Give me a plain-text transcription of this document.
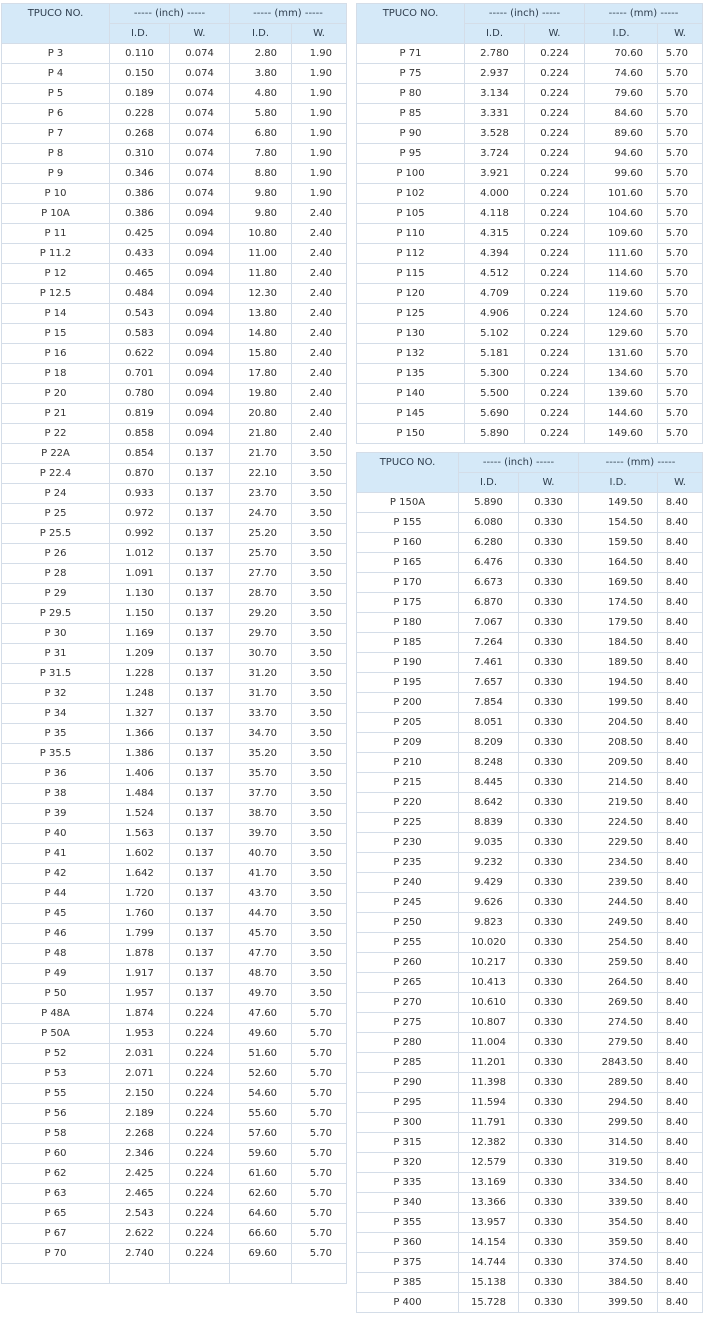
TPUCO NO.	----- (inch) -----		----- (mm) -----	
	I.D.	W.	I.D.	W.
P 3	0.110	0.074	2.80	1.90
P 4	0.150	0.074	3.80	1.90
P 5	0.189	0.074	4.80	1.90
P 6	0.228	0.074	5.80	1.90
P 7	0.268	0.074	6.80	1.90
P 8	0.310	0.074	7.80	1.90
P 9	0.346	0.074	8.80	1.90
P 10	0.386	0.074	9.80	1.90
P 10A	0.386	0.094	9.80	2.40
P 11	0.425	0.094	10.80	2.40
P 11.2	0.433	0.094	11.00	2.40
P 12	0.465	0.094	11.80	2.40
P 12.5	0.484	0.094	12.30	2.40
P 14	0.543	0.094	13.80	2.40
P 15	0.583	0.094	14.80	2.40
P 16	0.622	0.094	15.80	2.40
P 18	0.701	0.094	17.80	2.40
P 20	0.780	0.094	19.80	2.40
P 21	0.819	0.094	20.80	2.40
P 22	0.858	0.094	21.80	2.40
P 22A	0.854	0.137	21.70	3.50
P 22.4	0.870	0.137	22.10	3.50
P 24	0.933	0.137	23.70	3.50
P 25	0.972	0.137	24.70	3.50
P 25.5	0.992	0.137	25.20	3.50
P 26	1.012	0.137	25.70	3.50
P 28	1.091	0.137	27.70	3.50
P 29	1.130	0.137	28.70	3.50
P 29.5	1.150	0.137	29.20	3.50
P 30	1.169	0.137	29.70	3.50
P 31	1.209	0.137	30.70	3.50
P 31.5	1.228	0.137	31.20	3.50
P 32	1.248	0.137	31.70	3.50
P 34	1.327	0.137	33.70	3.50
P 35	1.366	0.137	34.70	3.50
P 35.5	1.386	0.137	35.20	3.50
P 36	1.406	0.137	35.70	3.50
P 38	1.484	0.137	37.70	3.50
P 39	1.524	0.137	38.70	3.50
P 40	1.563	0.137	39.70	3.50
P 41	1.602	0.137	40.70	3.50
P 42	1.642	0.137	41.70	3.50
P 44	1.720	0.137	43.70	3.50
P 45	1.760	0.137	44.70	3.50
P 46	1.799	0.137	45.70	3.50
P 48	1.878	0.137	47.70	3.50
P 49	1.917	0.137	48.70	3.50
P 50	1.957	0.137	49.70	3.50
P 48A	1.874	0.224	47.60	5.70
P 50A	1.953	0.224	49.60	5.70
P 52	2.031	0.224	51.60	5.70
P 53	2.071	0.224	52.60	5.70
P 55	2.150	0.224	54.60	5.70
P 56	2.189	0.224	55.60	5.70
P 58	2.268	0.224	57.60	5.70
P 60	2.346	0.224	59.60	5.70
P 62	2.425	0.224	61.60	5.70
P 63	2.465	0.224	62.60	5.70
P 65	2.543	0.224	64.60	5.70
P 67	2.622	0.224	66.60	5.70
P 70	2.740	0.224	69.60	5.70

TPUCO NO.	----- (inch) -----		----- (mm) -----	
	I.D.	W.	I.D.	W.
P 71	2.780	0.224	70.60	5.70
P 75	2.937	0.224	74.60	5.70
P 80	3.134	0.224	79.60	5.70
P 85	3.331	0.224	84.60	5.70
P 90	3.528	0.224	89.60	5.70
P 95	3.724	0.224	94.60	5.70
P 100	3.921	0.224	99.60	5.70
P 102	4.000	0.224	101.60	5.70
P 105	4.118	0.224	104.60	5.70
P 110	4.315	0.224	109.60	5.70
P 112	4.394	0.224	111.60	5.70
P 115	4.512	0.224	114.60	5.70
P 120	4.709	0.224	119.60	5.70
P 125	4.906	0.224	124.60	5.70
P 130	5.102	0.224	129.60	5.70
P 132	5.181	0.224	131.60	5.70
P 135	5.300	0.224	134.60	5.70
P 140	5.500	0.224	139.60	5.70
P 145	5.690	0.224	144.60	5.70
P 150	5.890	0.224	149.60	5.70
TPUCO NO.	----- (inch) -----		----- (mm) -----	
	I.D.	W.	I.D.	W.
P 150A	5.890	0.330	149.50	8.40
P 155	6.080	0.330	154.50	8.40
P 160	6.280	0.330	159.50	8.40
P 165	6.476	0.330	164.50	8.40
P 170	6.673	0.330	169.50	8.40
P 175	6.870	0.330	174.50	8.40
P 180	7.067	0.330	179.50	8.40
P 185	7.264	0.330	184.50	8.40
P 190	7.461	0.330	189.50	8.40
P 195	7.657	0.330	194.50	8.40
P 200	7.854	0.330	199.50	8.40
P 205	8.051	0.330	204.50	8.40
P 209	8.209	0.330	208.50	8.40
P 210	8.248	0.330	209.50	8.40
P 215	8.445	0.330	214.50	8.40
P 220	8.642	0.330	219.50	8.40
P 225	8.839	0.330	224.50	8.40
P 230	9.035	0.330	229.50	8.40
P 235	9.232	0.330	234.50	8.40
P 240	9.429	0.330	239.50	8.40
P 245	9.626	0.330	244.50	8.40
P 250	9.823	0.330	249.50	8.40
P 255	10.020	0.330	254.50	8.40
P 260	10.217	0.330	259.50	8.40
P 265	10.413	0.330	264.50	8.40
P 270	10.610	0.330	269.50	8.40
P 275	10.807	0.330	274.50	8.40
P 280	11.004	0.330	279.50	8.40
P 285	11.201	0.330	2843.50	8.40
P 290	11.398	0.330	289.50	8.40
P 295	11.594	0.330	294.50	8.40
P 300	11.791	0.330	299.50	8.40
P 315	12.382	0.330	314.50	8.40
P 320	12.579	0.330	319.50	8.40
P 335	13.169	0.330	334.50	8.40
P 340	13.366	0.330	339.50	8.40
P 355	13.957	0.330	354.50	8.40
P 360	14.154	0.330	359.50	8.40
P 375	14.744	0.330	374.50	8.40
P 385	15.138	0.330	384.50	8.40
P 400	15.728	0.330	399.50	8.40
